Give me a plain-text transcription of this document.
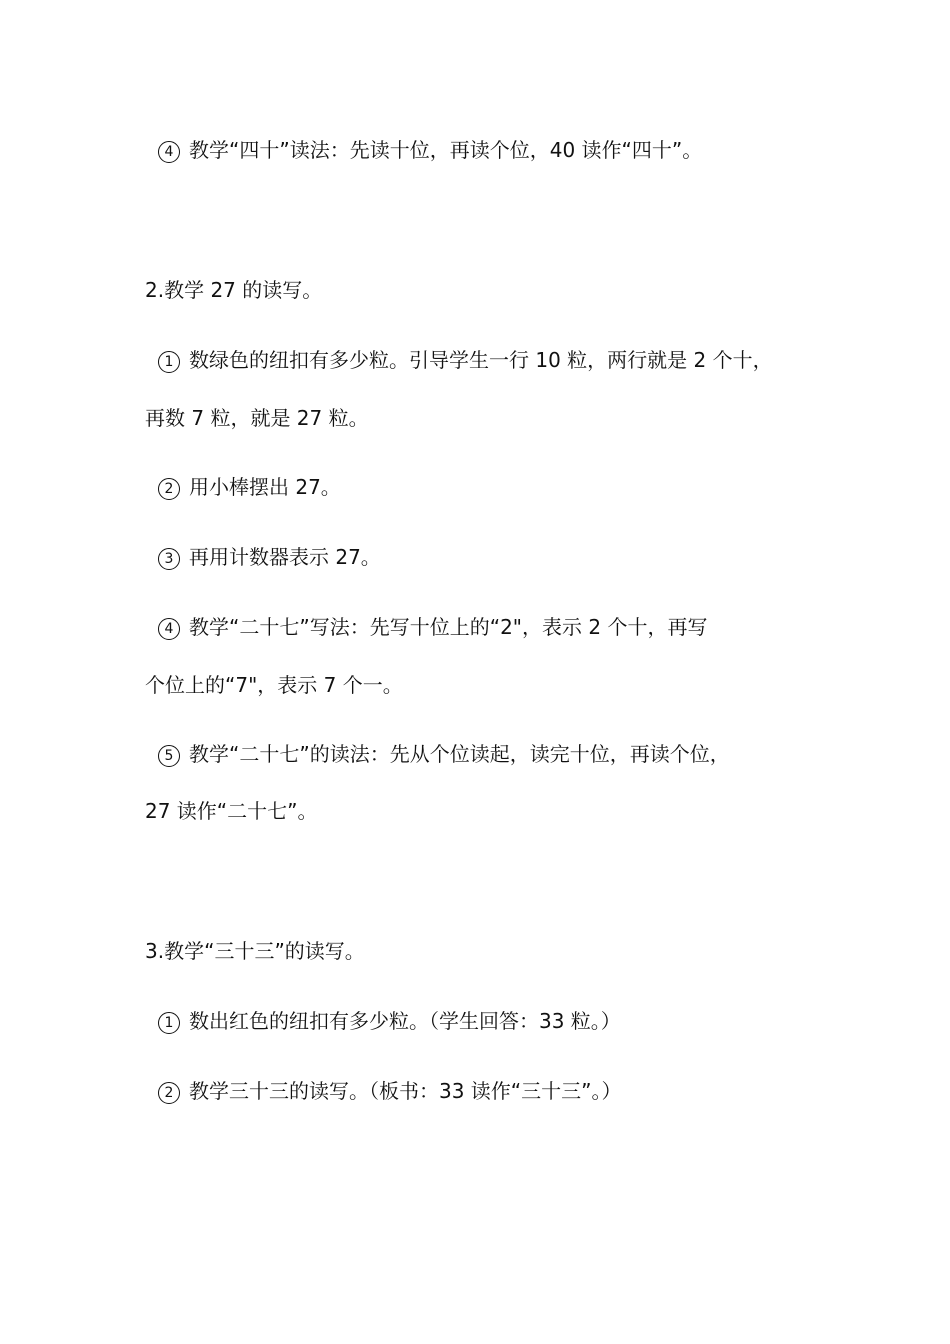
4 教学“四十”读法：先读十位，再读个位，40 读作“四十”。
2.教学 27 的读写。
1 数绿色的纽扣有多少粒。引导学生一行 10 粒，两行就是 2 个十，
再数 7 粒，就是 27 粒。
2 用小棒摆出 27。
3 再用计数器表示 27。
4 教学“二十七”写法：先写十位上的“2"，表示 2 个十，再写
个位上的“7"，表示 7 个一。
5 教学“二十七”的读法：先从个位读起，读完十位，再读个位，
27 读作“二十七”。
3.教学“三十三”的读写。
1 数出红色的纽扣有多少粒。（学生回答：33 粒。）
2 教学三十三的读写。（板书：33 读作“三十三”。）
